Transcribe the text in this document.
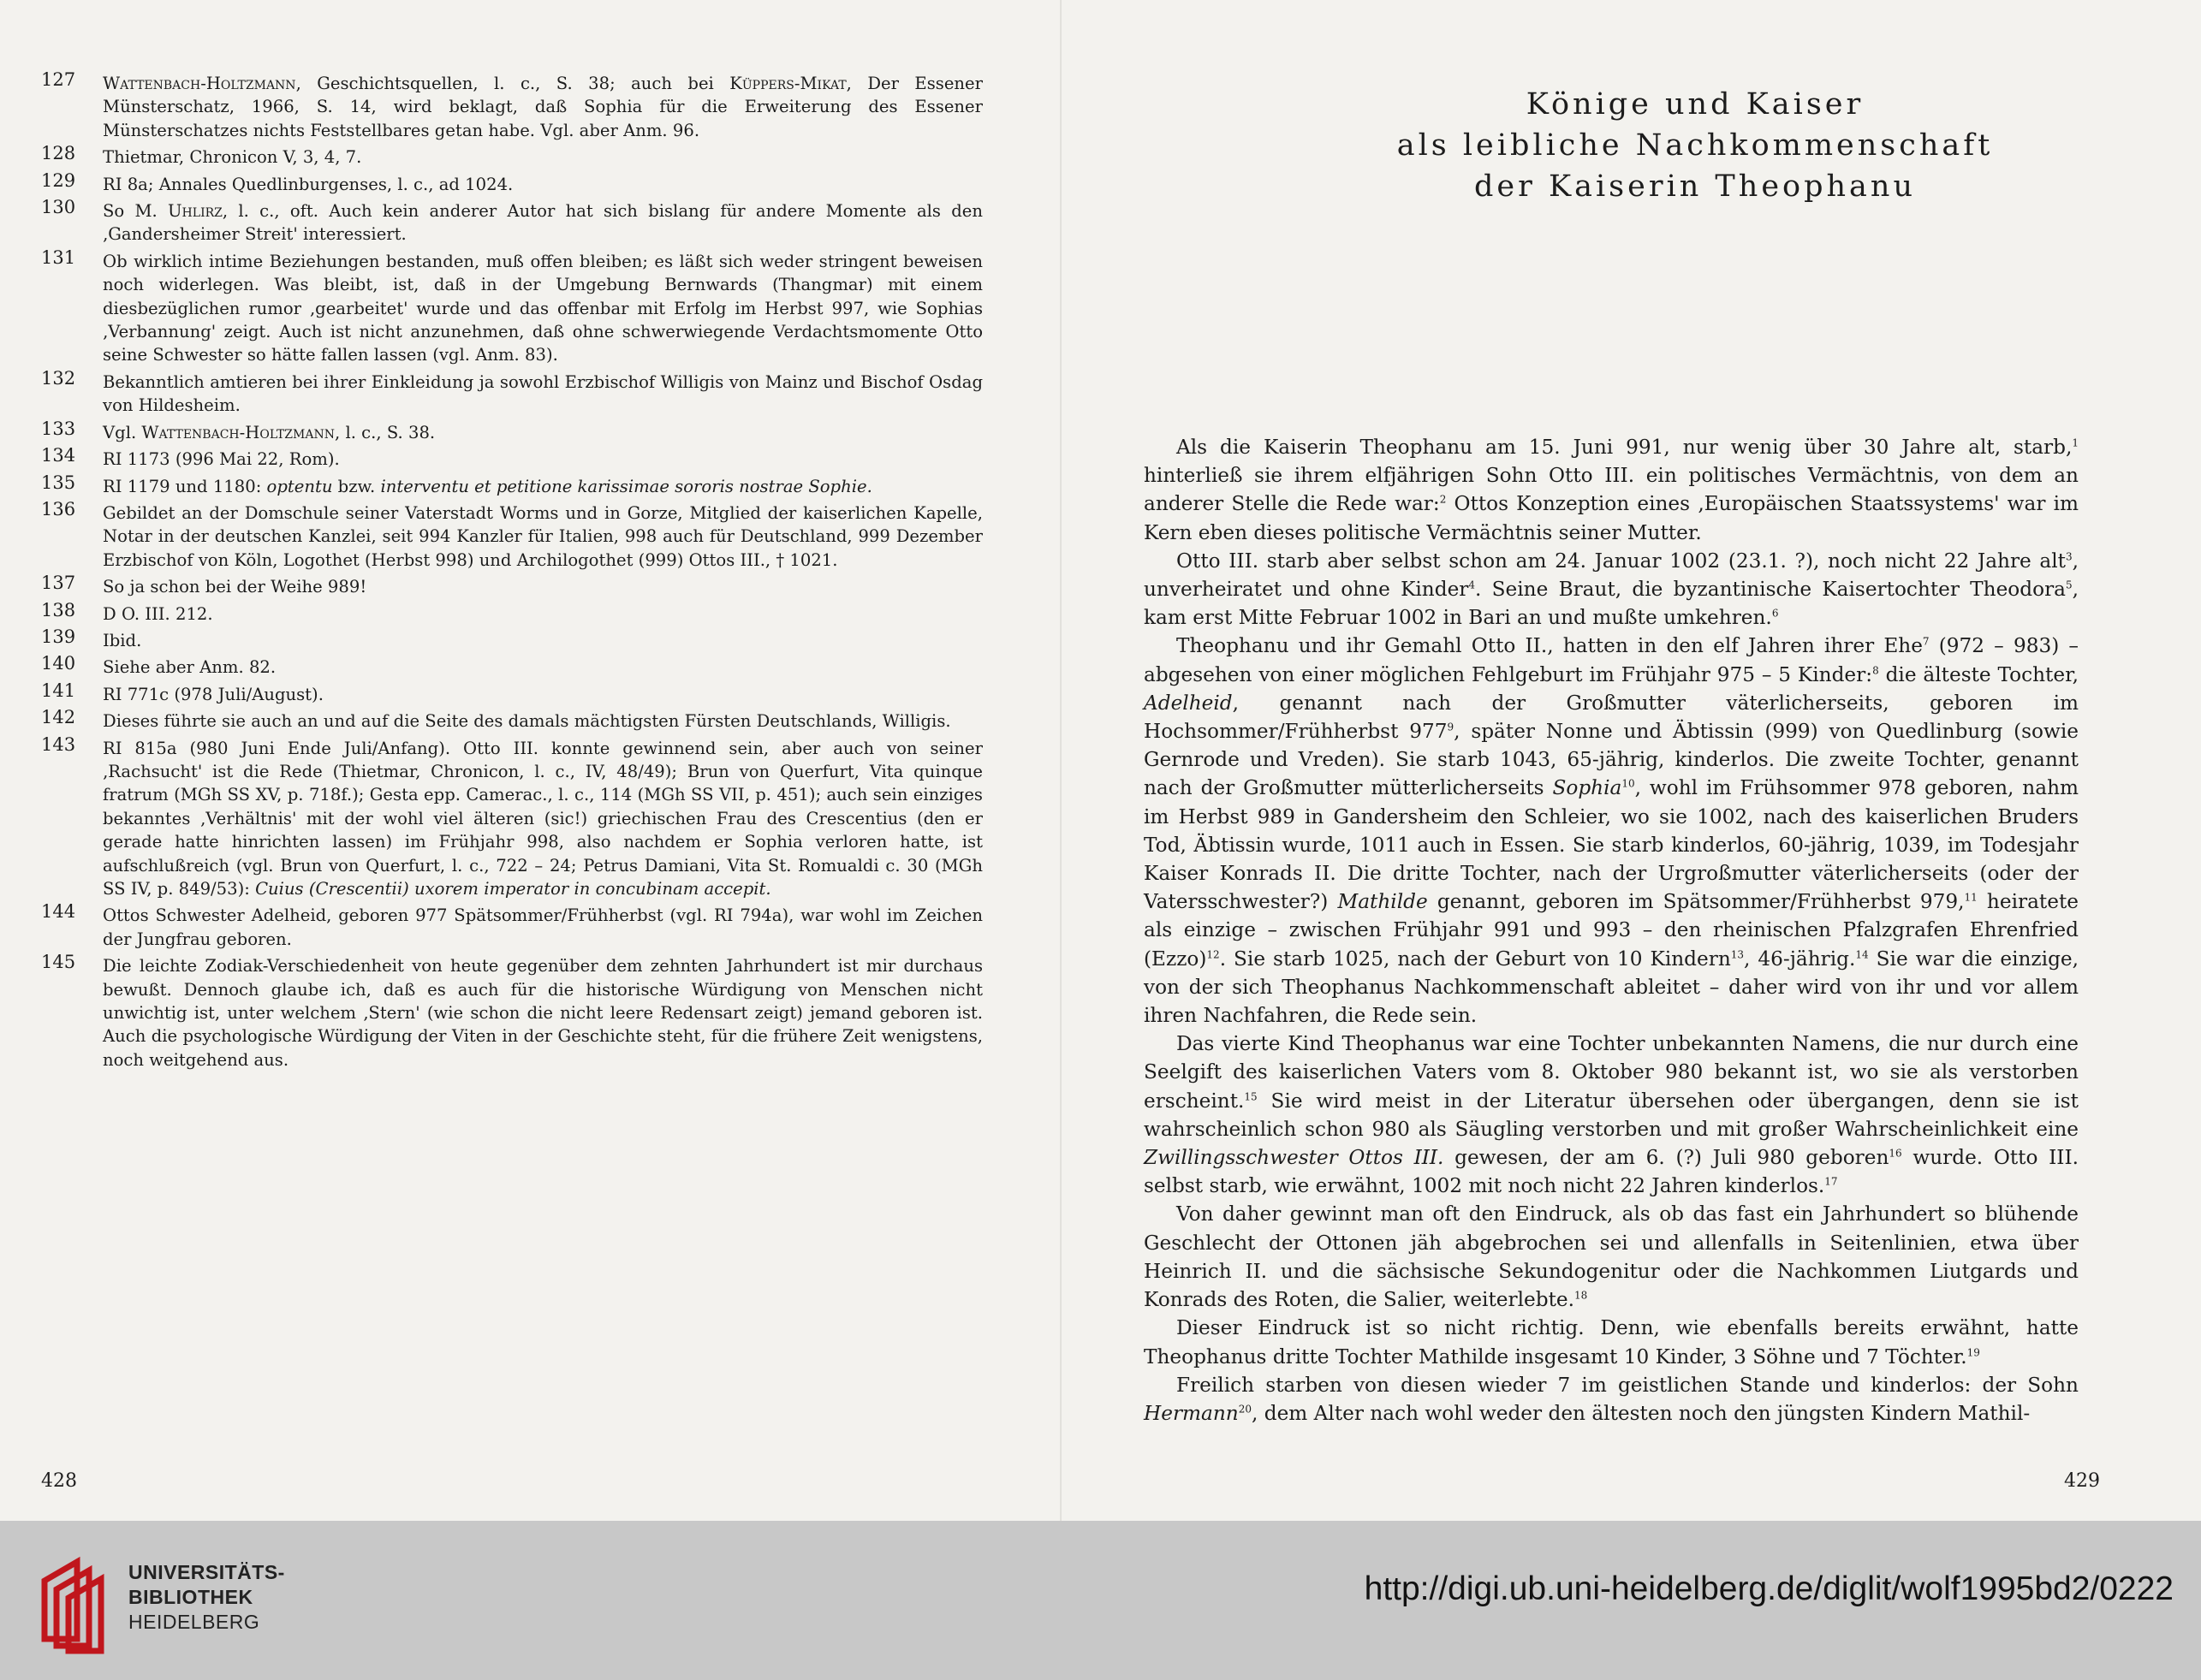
127 Wattenbach-Holtzmann, Geschichtsquellen, l. c., S. 38; auch bei Küppers-Mikat, Der Essener Münsterschatz, 1966, S. 14, wird beklagt, daß Sophia für die Erweiterung des Essener Münsterschatzes nichts Feststellbares getan habe. Vgl. aber Anm. 96.
128 Thietmar, Chronicon V, 3, 4, 7.
129 RI 8a; Annales Quedlinburgenses, l. c., ad 1024.
130 So M. Uhlirz, l. c., oft. Auch kein anderer Autor hat sich bislang für andere Momente als den ‚Gandersheimer Streit' interessiert.
131 Ob wirklich intime Beziehungen bestanden, muß offen bleiben; es läßt sich weder stringent beweisen noch widerlegen. Was bleibt, ist, daß in der Umgebung Bernwards (Thangmar) mit einem diesbezüglichen rumor ‚gearbeitet' wurde und das offenbar mit Erfolg im Herbst 997, wie Sophias ‚Verbannung' zeigt. Auch ist nicht anzunehmen, daß ohne schwerwiegende Verdachtsmomente Otto seine Schwester so hätte fallen lassen (vgl. Anm. 83).
132 Bekanntlich amtieren bei ihrer Einkleidung ja sowohl Erzbischof Willigis von Mainz und Bischof Osdag von Hildesheim.
133 Vgl. Wattenbach-Holtzmann, l. c., S. 38.
134 RI 1173 (996 Mai 22, Rom).
135 RI 1179 und 1180: optentu bzw. interventu et petitione karissimae sororis nostrae Sophie.
136 Gebildet an der Domschule seiner Vaterstadt Worms und in Gorze, Mitglied der kaiserlichen Kapelle, Notar in der deutschen Kanzlei, seit 994 Kanzler für Italien, 998 auch für Deutschland, 999 Dezember Erzbischof von Köln, Logothet (Herbst 998) und Archilogothet (999) Ottos III., † 1021.
137 So ja schon bei der Weihe 989!
138 D O. III. 212.
139 Ibid.
140 Siehe aber Anm. 82.
141 RI 771c (978 Juli/August).
142 Dieses führte sie auch an und auf die Seite des damals mächtigsten Fürsten Deutschlands, Willigis.
143 RI 815a (980 Juni Ende Juli/Anfang). Otto III. konnte gewinnend sein, aber auch von seiner ‚Rachsucht' ist die Rede (Thietmar, Chronicon, l. c., IV, 48/49); Brun von Querfurt, Vita quinque fratrum (MGh SS XV, p. 718f.); Gesta epp. Camerac., l. c., 114 (MGh SS VII, p. 451); auch sein einziges bekanntes ‚Verhältnis' mit der wohl viel älteren (sic!) griechischen Frau des Crescentius (den er gerade hatte hinrichten lassen) im Frühjahr 998, also nachdem er Sophia verloren hatte, ist aufschlußreich (vgl. Brun von Querfurt, l. c., 722 – 24; Petrus Damiani, Vita St. Romualdi c. 30 (MGh SS IV, p. 849/53): Cuius (Crescentii) uxorem imperator in concubinam accepit.
144 Ottos Schwester Adelheid, geboren 977 Spätsommer/Frühherbst (vgl. RI 794a), war wohl im Zeichen der Jungfrau geboren.
145 Die leichte Zodiak-Verschiedenheit von heute gegenüber dem zehnten Jahrhundert ist mir durchaus bewußt. Dennoch glaube ich, daß es auch für die historische Würdigung von Menschen nicht unwichtig ist, unter welchem ‚Stern' (wie schon die nicht leere Redensart zeigt) jemand geboren ist. Auch die psychologische Würdigung der Viten in der Geschichte steht, für die frühere Zeit wenigstens, noch weitgehend aus.
428
Könige und Kaiser
als leibliche Nachkommenschaft
der Kaiserin Theophanu

Als die Kaiserin Theophanu am 15. Juni 991, nur wenig über 30 Jahre alt, starb,$^1$ hinterließ sie ihrem elfjährigen Sohn Otto III. ein politisches Vermächtnis, von dem an anderer Stelle die Rede war:$^2$ Ottos Konzeption eines ‚Europäischen Staatssystems' war im Kern eben dieses politische Vermächtnis seiner Mutter.

Otto III. starb aber selbst schon am 24. Januar 1002 (23.1. ?), noch nicht 22 Jahre alt$^3$, unverheiratet und ohne Kinder$^4$. Seine Braut, die byzantinische Kaisertochter Theodora$^5$, kam erst Mitte Februar 1002 in Bari an und mußte umkehren.$^6$

Theophanu und ihr Gemahl Otto II., hatten in den elf Jahren ihrer Ehe$^7$ (972 – 983) – abgesehen von einer möglichen Fehlgeburt im Frühjahr 975 – 5 Kinder:$^8$ die älteste Tochter, Adelheid, genannt nach der Großmutter väterlicherseits, geboren im Hochsommer/Frühherbst $977^9$, später Nonne und Äbtissin (999) von Quedlinburg (sowie Gernrode und Vreden). Sie starb 1043, 65-jährig, kinderlos. Die zweite Tochter, genannt nach der Großmutter mütterlicherseits Sophia$^{10}$, wohl im Frühsommer 978 geboren, nahm im Herbst 989 in Gandersheim den Schleier, wo sie 1002, nach des kaiserlichen Bruders Tod, Äbtissin wurde, 1011 auch in Essen. Sie starb kinderlos, 60-jährig, 1039, im Todesjahr Kaiser Konrads II. Die dritte Tochter, nach der Urgroßmutter väterlicherseits (oder der Vatersschwester?) Mathilde genannt, geboren im Spätsommer/Frühherbst 979,11 heiratete als einzige – zwischen Frühjahr 991 und 993 – den rheinischen Pfalzgrafen Ehrenfried (Ezzo)$^{12}$. Sie starb 1025, nach der Geburt von 10 Kindern$^{13}$, 46-jährig.$^{14}$ Sie war die einzige, von der sich Theophanus Nachkommenschaft ableitet – daher wird von ihr und vor allem ihren Nachfahren, die Rede sein.

Das vierte Kind Theophanus war eine Tochter unbekannten Namens, die nur durch eine Seelgift des kaiserlichen Vaters vom 8. Oktober 980 bekannt ist, wo sie als verstorben erscheint.$^{15}$ Sie wird meist in der Literatur übersehen oder übergangen, denn sie ist wahrscheinlich schon 980 als Säugling verstorben und mit großer Wahrscheinlichkeit eine Zwillingsschwester Ottos III. gewesen, der am 6. (?) Juli 980 geboren$^{16}$ wurde. Otto III. selbst starb, wie erwähnt, 1002 mit noch nicht 22 Jahren kinderlos.$^{17}$

Von daher gewinnt man oft den Eindruck, als ob das fast ein Jahrhundert so blühende Geschlecht der Ottonen jäh abgebrochen sei und allenfalls in Seitenlinien, etwa über Heinrich II. und die sächsische Sekundogenitur oder die Nachkommen Liutgards und Konrads des Roten, die Salier, weiterlebte.$^{18}$

Dieser Eindruck ist so nicht richtig. Denn, wie ebenfalls bereits erwähnt, hatte Theophanus dritte Tochter Mathilde insgesamt 10 Kinder, 3 Söhne und 7 Töchter.$^{19}$

Freilich starben von diesen wieder 7 im geistlichen Stande und kinderlos: der Sohn Hermann$^{20}$, dem Alter nach wohl weder den ältesten noch den jüngsten Kindern Mathil-

429
UNIVERSITÄTS-
BIBLIOTHEK
HEIDELBERG
http://digi.ub.uni-heidelberg.de/diglit/wolf1995bd2/0222
